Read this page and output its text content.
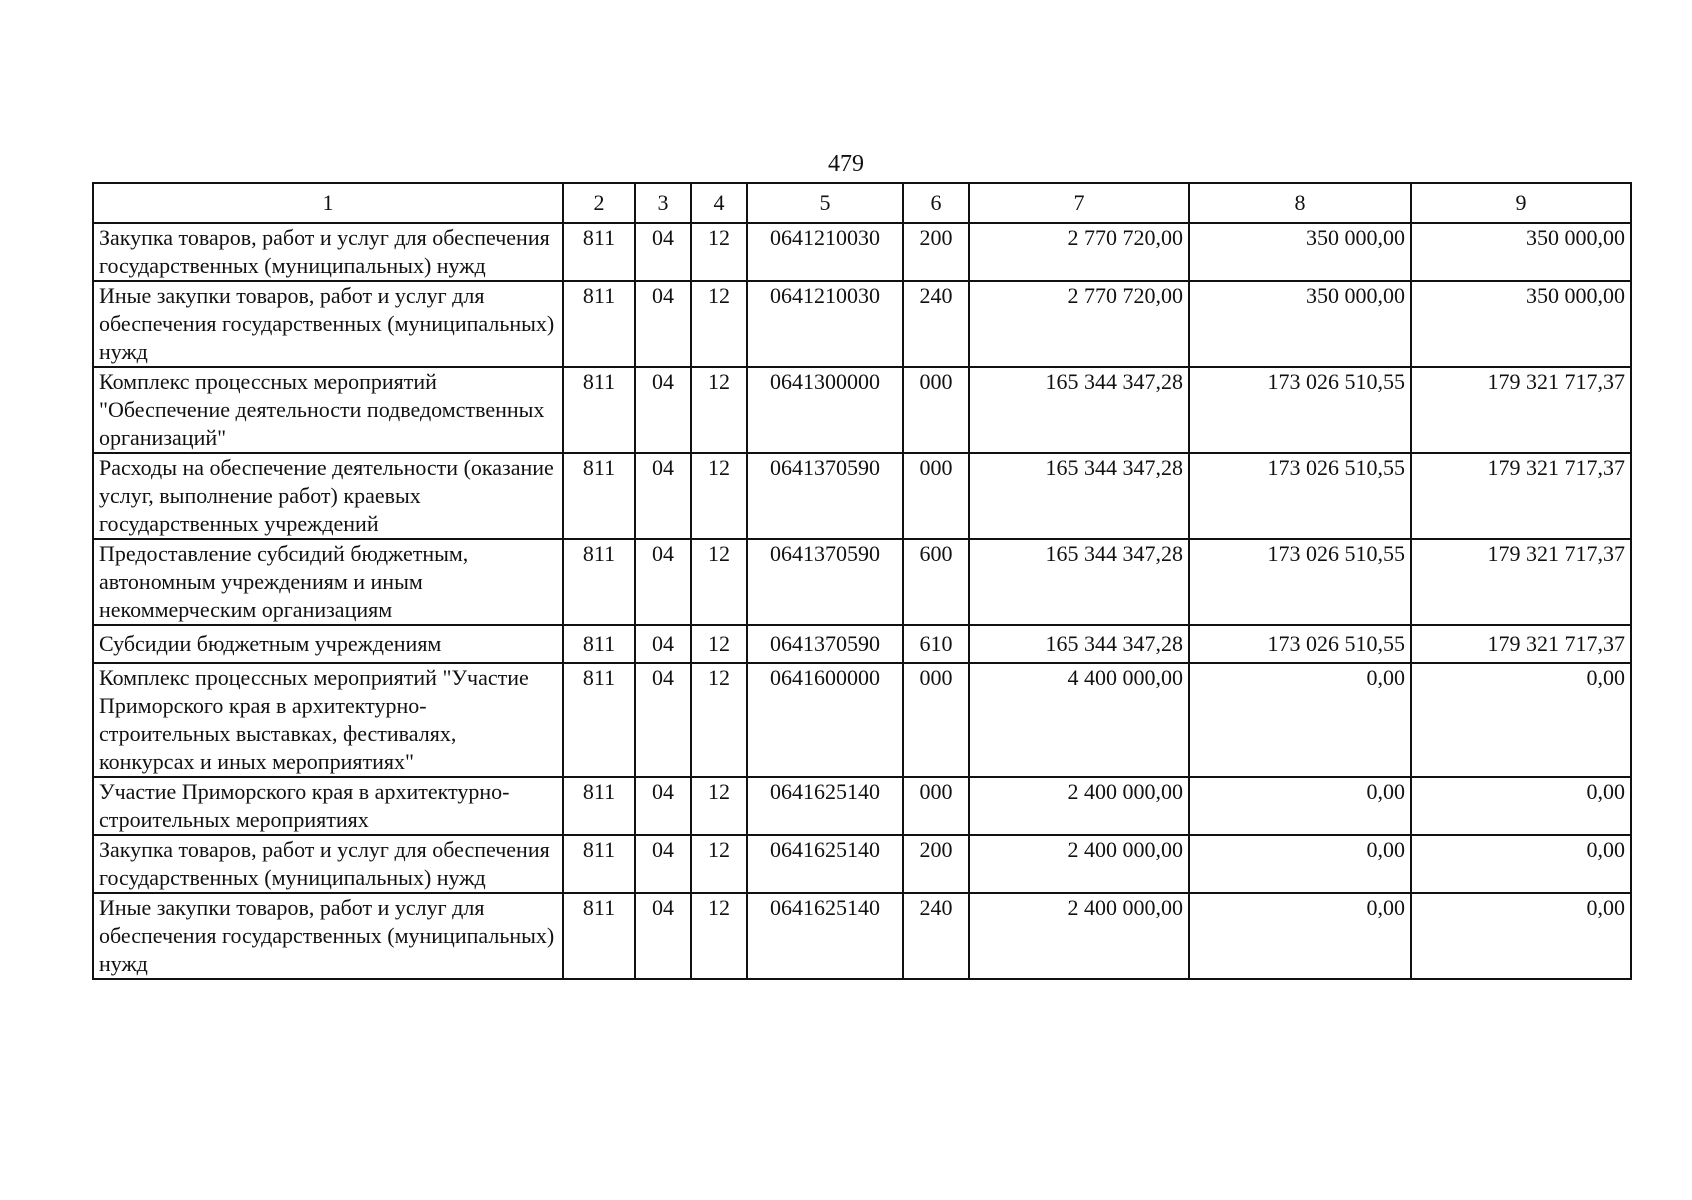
479
1	2	3	4	5	6	7	8	9
Закупка товаров, работ и услуг для обеспечения государственных (муниципальных) нужд	811	04	12	0641210030	200	2 770 720,00	350 000,00	350 000,00
Иные закупки товаров, работ и услуг для обеспечения государственных (муниципальных) нужд	811	04	12	0641210030	240	2 770 720,00	350 000,00	350 000,00
Комплекс процессных мероприятий "Обеспечение деятельности подведомственных организаций"	811	04	12	0641300000	000	165 344 347,28	173 026 510,55	179 321 717,37
Расходы на обеспечение деятельности (оказание услуг, выполнение работ) краевых государственных учреждений	811	04	12	0641370590	000	165 344 347,28	173 026 510,55	179 321 717,37
Предоставление субсидий бюджетным, автономным учреждениям и иным некоммерческим организациям	811	04	12	0641370590	600	165 344 347,28	173 026 510,55	179 321 717,37
Субсидии бюджетным учреждениям	811	04	12	0641370590	610	165 344 347,28	173 026 510,55	179 321 717,37
Комплекс процессных мероприятий "Участие Приморского края в архитектурно-строительных выставках, фестивалях, конкурсах и иных мероприятиях"	811	04	12	0641600000	000	4 400 000,00	0,00	0,00
Участие Приморского края в архитектурно-строительных мероприятиях	811	04	12	0641625140	000	2 400 000,00	0,00	0,00
Закупка товаров, работ и услуг для обеспечения государственных (муниципальных) нужд	811	04	12	0641625140	200	2 400 000,00	0,00	0,00
Иные закупки товаров, работ и услуг для обеспечения государственных (муниципальных) нужд	811	04	12	0641625140	240	2 400 000,00	0,00	0,00
